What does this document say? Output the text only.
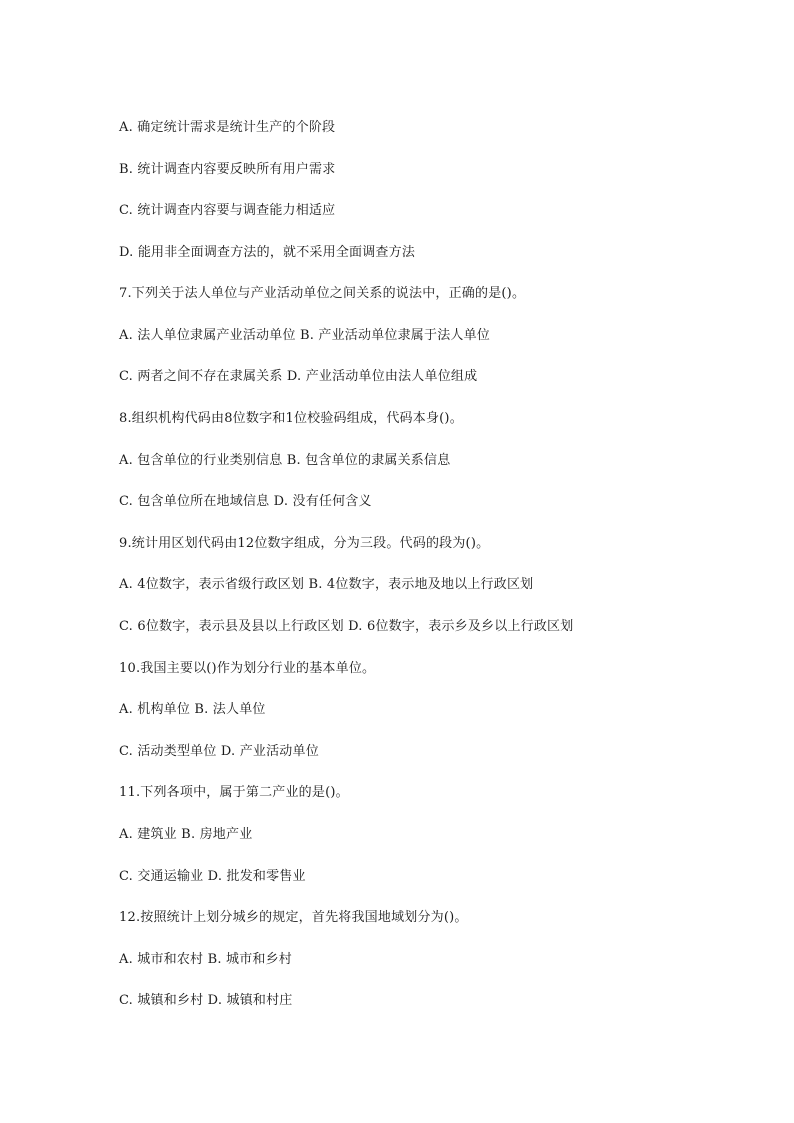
A. 确定统计需求是统计生产的个阶段
B. 统计调查内容要反映所有用户需求
C. 统计调查内容要与调查能力相适应
D. 能用非全面调查方法的，就不采用全面调查方法
7.下列关于法人单位与产业活动单位之间关系的说法中，正确的是()。
A. 法人单位隶属产业活动单位 B. 产业活动单位隶属于法人单位
C. 两者之间不存在隶属关系 D. 产业活动单位由法人单位组成
8.组织机构代码由8位数字和1位校验码组成，代码本身()。
A. 包含单位的行业类别信息 B. 包含单位的隶属关系信息
C. 包含单位所在地域信息 D. 没有任何含义
9.统计用区划代码由12位数字组成，分为三段。代码的段为()。
A. 4位数字，表示省级行政区划 B. 4位数字，表示地及地以上行政区划
C. 6位数字，表示县及县以上行政区划 D. 6位数字，表示乡及乡以上行政区划
10.我国主要以()作为划分行业的基本单位。
A. 机构单位 B. 法人单位
C. 活动类型单位 D. 产业活动单位
11.下列各项中，属于第二产业的是()。
A. 建筑业 B. 房地产业
C. 交通运输业 D. 批发和零售业
12.按照统计上划分城乡的规定，首先将我国地域划分为()。
A. 城市和农村 B. 城市和乡村
C. 城镇和乡村 D. 城镇和村庄
